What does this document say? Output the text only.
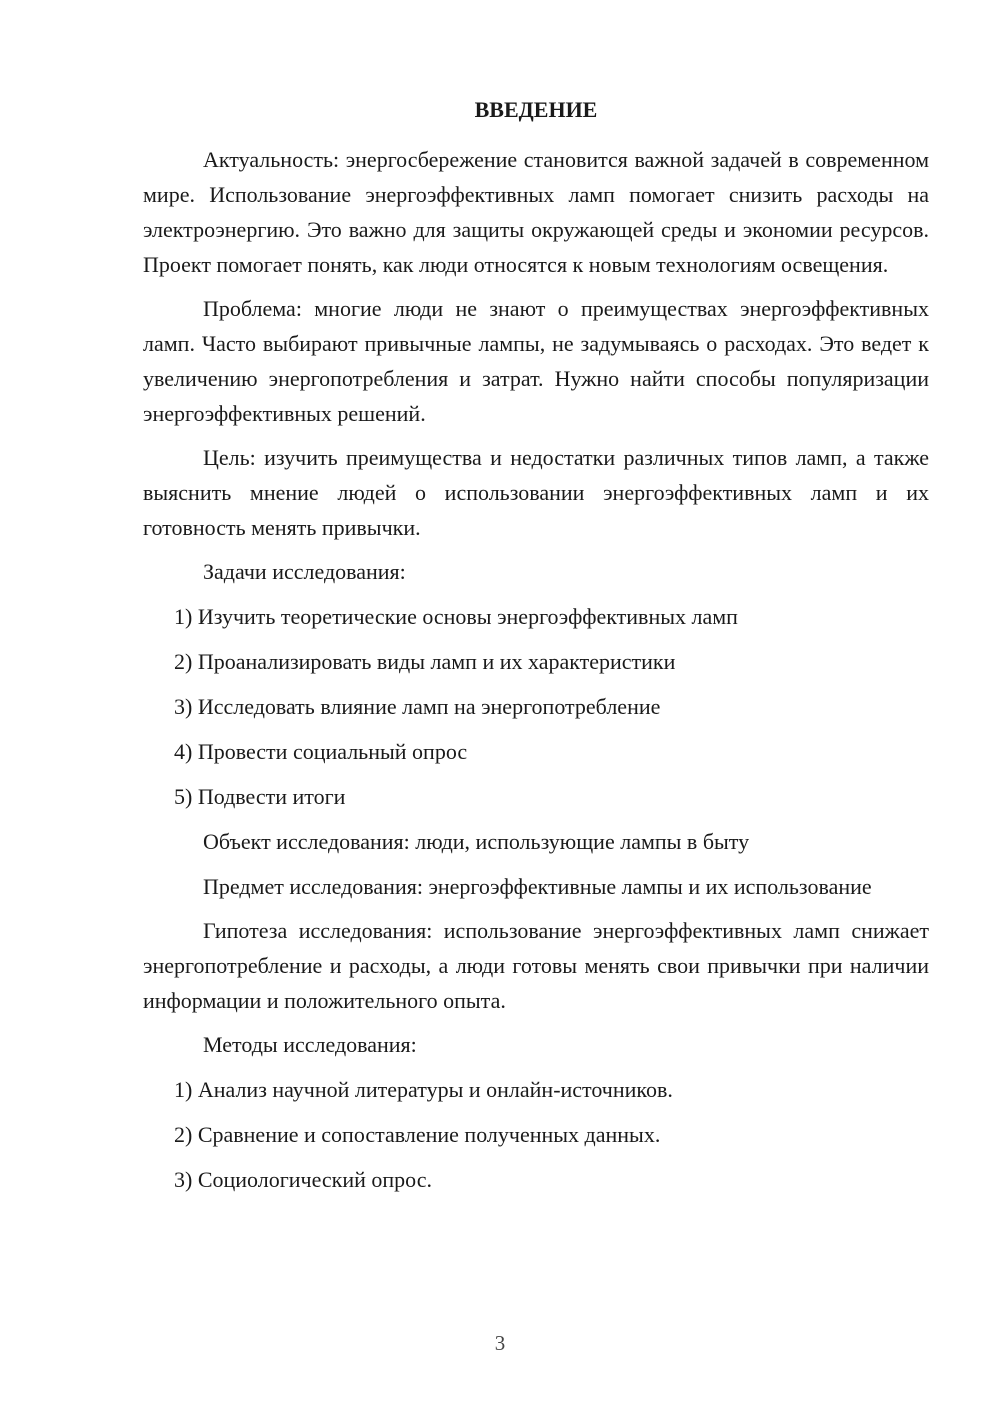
ВВЕДЕНИЕ

Актуальность: энергосбережение становится важной задачей в современном мире. Использование энергоэффективных ламп помогает снизить расходы на электроэнергию. Это важно для защиты окружающей среды и экономии ресурсов. Проект помогает понять, как люди относятся к новым технологиям освещения.

Проблема: многие люди не знают о преимуществах энергоэффективных ламп. Часто выбирают привычные лампы, не задумываясь о расходах. Это ведет к увеличению энергопотребления и затрат. Нужно найти способы популяризации энергоэффективных решений.

Цель: изучить преимущества и недостатки различных типов ламп, а также выяснить мнение людей о использовании энергоэффективных ламп и их готовность менять привычки.

Задачи исследования:

1) Изучить теоретические основы энергоэффективных ламп

2) Проанализировать виды ламп и их характеристики

3) Исследовать влияние ламп на энергопотребление

4) Провести социальный опрос

5) Подвести итоги

Объект исследования: люди, использующие лампы в быту

Предмет исследования: энергоэффективные лампы и их использование

Гипотеза исследования: использование энергоэффективных ламп снижает энергопотребление и расходы, а люди готовы менять свои привычки при наличии информации и положительного опыта.

Методы исследования:

1) Анализ научной литературы и онлайн-источников.

2) Сравнение и сопоставление полученных данных.

3) Социологический опрос.

3
